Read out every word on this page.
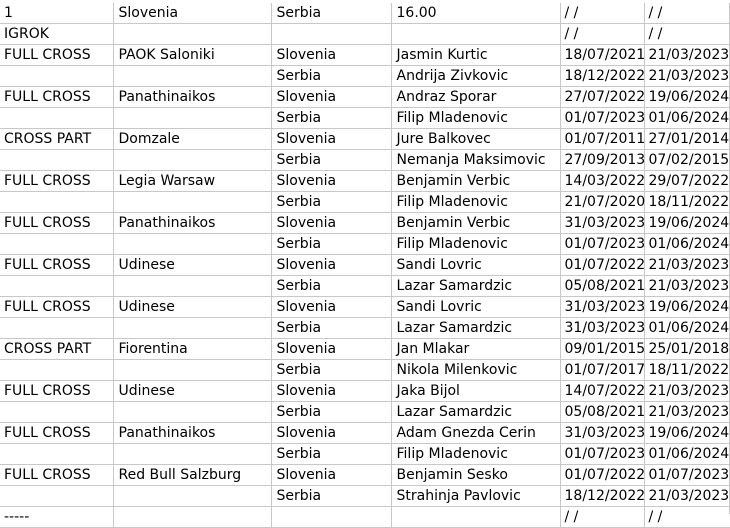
1	Slovenia	Serbia	16.00	/ /	/ /
IGROK				/ /	/ /
FULL CROSS	PAOK Saloniki	Slovenia	Jasmin Kurtic	18/07/2021	21/03/2023
		Serbia	Andrija Zivkovic	18/12/2022	21/03/2023
FULL CROSS	Panathinaikos	Slovenia	Andraz Sporar	27/07/2022	19/06/2024
		Serbia	Filip Mladenovic	01/07/2023	01/06/2024
CROSS PART	Domzale	Slovenia	Jure Balkovec	01/07/2011	27/01/2014
		Serbia	Nemanja Maksimovic	27/09/2013	07/02/2015
FULL CROSS	Legia Warsaw	Slovenia	Benjamin Verbic	14/03/2022	29/07/2022
		Serbia	Filip Mladenovic	21/07/2020	18/11/2022
FULL CROSS	Panathinaikos	Slovenia	Benjamin Verbic	31/03/2023	19/06/2024
		Serbia	Filip Mladenovic	01/07/2023	01/06/2024
FULL CROSS	Udinese	Slovenia	Sandi Lovric	01/07/2022	21/03/2023
		Serbia	Lazar Samardzic	05/08/2021	21/03/2023
FULL CROSS	Udinese	Slovenia	Sandi Lovric	31/03/2023	19/06/2024
		Serbia	Lazar Samardzic	31/03/2023	01/06/2024
CROSS PART	Fiorentina	Slovenia	Jan Mlakar	09/01/2015	25/01/2018
		Serbia	Nikola Milenkovic	01/07/2017	18/11/2022
FULL CROSS	Udinese	Slovenia	Jaka Bijol	14/07/2022	21/03/2023
		Serbia	Lazar Samardzic	05/08/2021	21/03/2023
FULL CROSS	Panathinaikos	Slovenia	Adam Gnezda Cerin	31/03/2023	19/06/2024
		Serbia	Filip Mladenovic	01/07/2023	01/06/2024
FULL CROSS	Red Bull Salzburg	Slovenia	Benjamin Sesko	01/07/2022	01/07/2023
		Serbia	Strahinja Pavlovic	18/12/2022	21/03/2023
-----				/ /	/ /
